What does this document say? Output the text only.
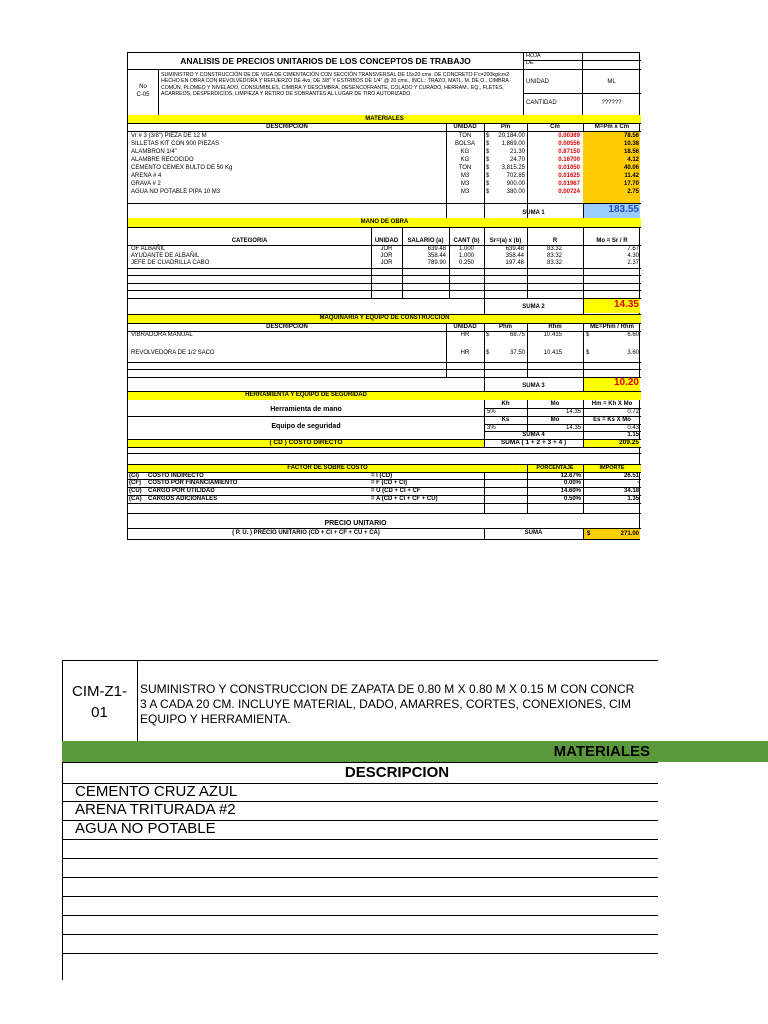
ANALISIS DE PRECIOS UNITARIOS DE LOS CONCEPTOS DE TRABAJO	HOJA
DE
No
C-05
SUMINISTRO Y CONSTRUCCIÓN DE DE VIGA DE CIMENTACIÓN CON SECCIÓN TRANSVERSAL DE 15x20 cms. DE CONCRETO F'c=200kg/cm2 HECHO EN OBRA CON REVOLVEDORA Y REFUERZO DE 4vs. DE 3/8" Y ESTRIBOS DE 1/4" @ 20 cms., INCL.: TRAZO, MATL. M. DE O., CIMBRA COMÚN, PLOMEO Y NIVELADO, CONSUMIBLES, CIMBRA Y DESCIMBRA, DESENCOFRANTE, COLADO Y CURADO, HERRAM., EQ., FLETES, ACARREOS, DESPERDICIOS, LIMPIEZA Y RETIRO DE SOBRANTES AL LUGAR DE TIRO AUTORIZADO.
UNIDAD	ML
CANTIDAD	??????
MATERIALES
DESCRIPCION	UNIDAD	Pm	Cm	M=Pm x Cm
Vr # 3 (3/8") PIEZA DE 12 M	TON	$	20,184.00	0.00389	78.56
SILLETAS KIT CON 900 PIEZAS	BOLSA	$	1,869.00	0.00556	10.38
ALAMBRON 1/4"	KG	$	21.30	0.87150	18.56
ALAMBRE RECOCIDO	KG	$	24.70	0.16700	4.12
CEMENTO CEMEX BULTO DE 50 Kg	TON	$	3,815.25	0.01050	40.06
ARENA # 4	M3	$	702.85	0.01625	11.42
GRAVA # 2	M3	$	900.00	0.01967	17.70
AGUA NO POTABLE PIPA 10 M3	M3	$	380.00	0.00724	2.75
SUMA 1	183.55
MANO DE OBRA
CATEGORIA	UNIDAD	SALARIO (a)	CANT (b)	Sr=(a) x (b)	R	Mo = Sr / R
OF ALBAÑIL	JOR	639.48	1.000	639.48	83.32	7.67
AYUDANTE DE ALBAÑIL	JOR	358.44	1.000	358.44	83.32	4.30
JEFE DE CUADRILLA CABO	JOR	789.90	0.250	197.48	83.32	2.37
SUMA 2	14.35
MAQUINARIA Y EQUIPO DE CONSTRUCCION
DESCRIPCION	UNIDAD	Phm	Rhm	ME=Phm / Rhm
VIBRADORA MANUAL	HR	$	68.75	10.415	$	6.60
REVOLVEDORA DE 1/2 SACO	HR	$	37.50	10.415	$	3.60
SUMA 3	10.20
HERRAMIENTA Y EQUIPO DE SEGURIDAD
Kh	Mo	Hm = Kh X Mo
Herramienta de mano	5%	14.35	0.72
Ks	Mo	Es = Ks X Mo
Equipo de seguridad	3%	14.35	0.43
SUMA 4	1.15
( CD ) COSTO DIRECTO	SUMA ( 1 + 2 + 3 + 4 )	209.25
FACTOR DE SOBRE COSTO	PORCENTAJE	IMPORTE
(CI) COSTO INDIRECTO	= I (CD)	12.67%	26.51
(CF) COSTO POR FINANCIAMIENTO	= F (CD + CI)	0.00%	-
(CU) CARGO POR UTILIDAD	= U (CD + CI + CF	14.60%	34.18
(CA) CARGOS ADICIONALES	= A (CD + CI + CF + CU)	0.50%	1.35
PRECIO UNITARIO
( P. U. ) PRECIO UNITARIO (CD + CI + CF + CU + CA)	SUMA	$	271.00
CIM-Z1-
01
SUMINISTRO Y CONSTRUCCION DE ZAPATA DE 0.80 M X 0.80 M X 0.15 M CON CONCR
3 A CADA 20 CM. INCLUYE MATERIAL, DADO, AMARRES, CORTES, CONEXIONES, CIM
EQUIPO Y HERRAMIENTA.
MATERIALES
DESCRIPCION
CEMENTO CRUZ AZUL
ARENA TRITURADA #2
AGUA NO POTABLE
